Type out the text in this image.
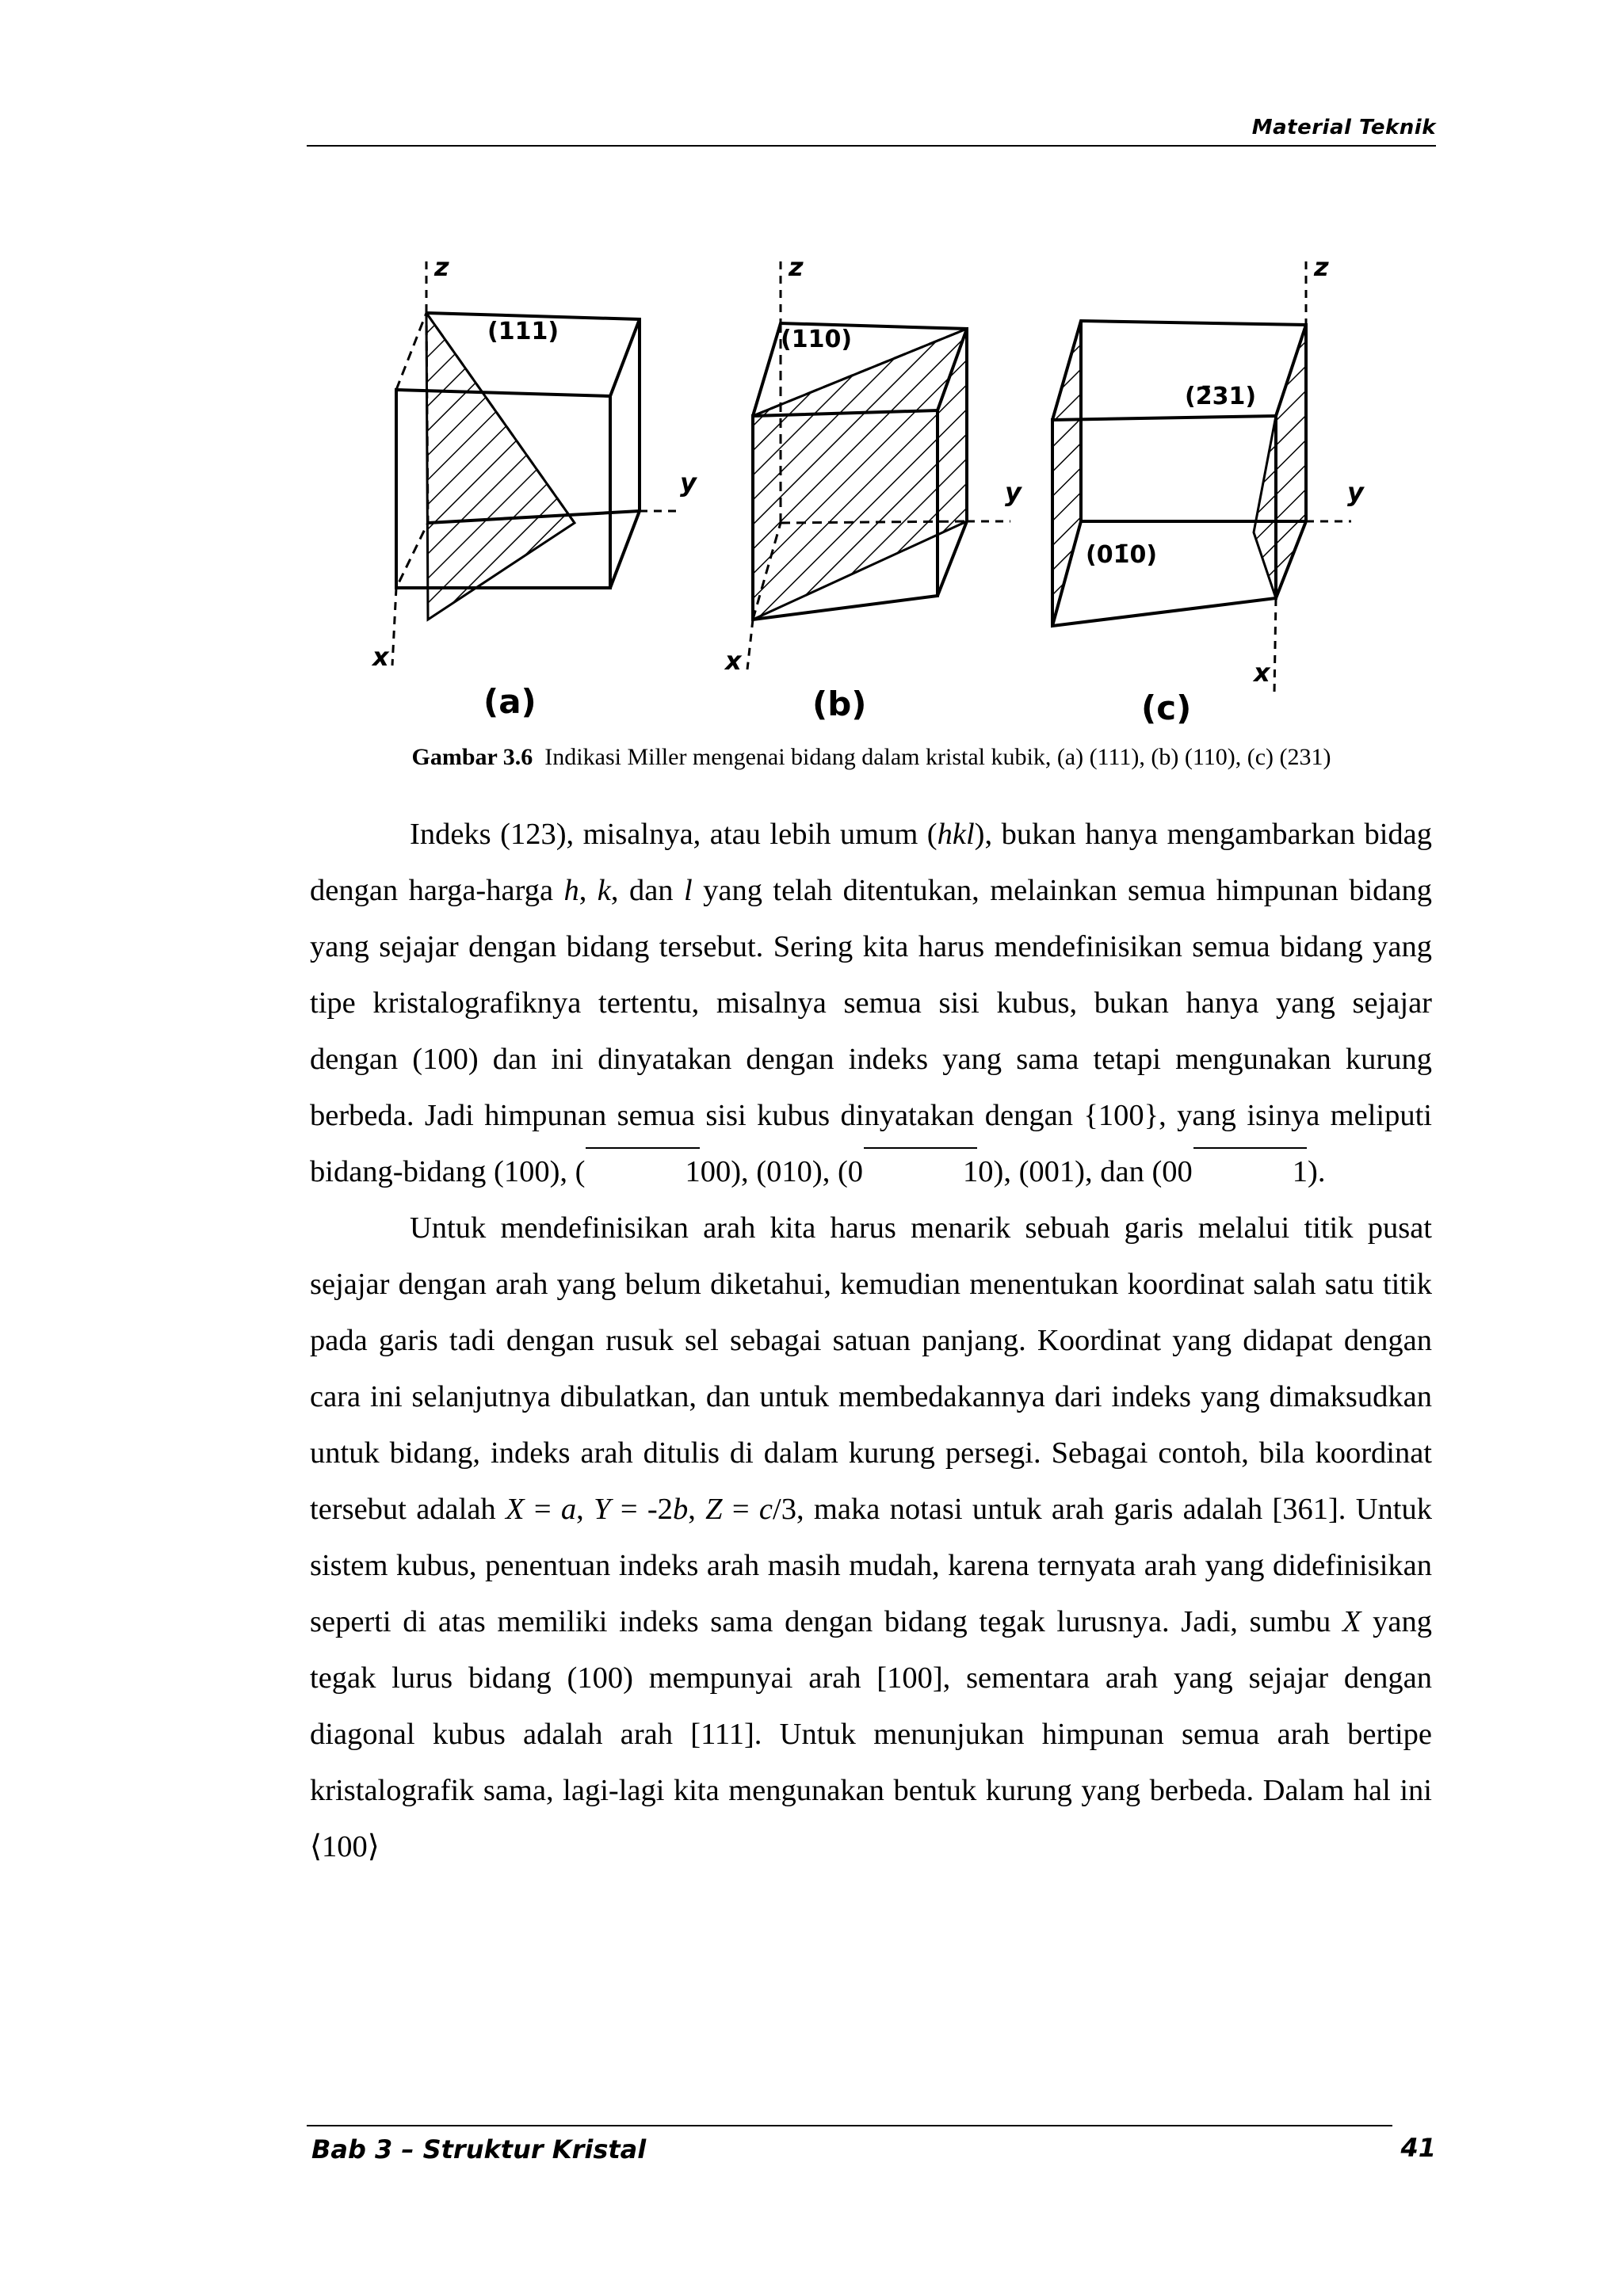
Material Teknik
z
y
x
(111)
(a)
z
y
x
(110)
(b)
z
y
x
(2̄31)
(01̄0)
(c)
Gambar 3.6 Indikasi Miller mengenai bidang dalam kristal kubik, (a) (111), (b) (110), (c) (231)

Indeks (123), misalnya, atau lebih umum (hkl), bukan hanya mengambarkan bidag dengan harga-harga h, k, dan l yang telah ditentukan, melainkan semua himpunan bidang yang sejajar dengan bidang tersebut. Sering kita harus mendefinisikan semua bidang yang tipe kristalografiknya tertentu, misalnya semua sisi kubus, bukan hanya yang sejajar dengan (100) dan ini dinyatakan dengan indeks yang sama tetapi mengunakan kurung berbeda. Jadi himpunan semua sisi kubus dinyatakan dengan {100}, yang isinya meliputi bidang-bidang (100), (	100), (010), (0	10), (001), dan (00	1).

Untuk mendefinisikan arah kita harus menarik sebuah garis melalui titik pusat sejajar dengan arah yang belum diketahui, kemudian menentukan koordinat salah satu titik pada garis tadi dengan rusuk sel sebagai satuan panjang. Koordinat yang didapat dengan cara ini selanjutnya dibulatkan, dan untuk membedakannya dari indeks yang dimaksudkan untuk bidang, indeks arah ditulis di dalam kurung persegi. Sebagai contoh, bila koordinat tersebut adalah X = a, Y = -2b, Z = c/3, maka notasi untuk arah garis adalah [361]. Untuk sistem kubus, penentuan indeks arah masih mudah, karena ternyata arah yang didefinisikan seperti di atas memiliki indeks sama dengan bidang tegak lurusnya. Jadi, sumbu X yang tegak lurus bidang (100) mempunyai arah [100], sementara arah yang sejajar dengan diagonal kubus adalah arah [111]. Untuk menunjukan himpunan semua arah bertipe kristalografik sama, lagi-lagi kita mengunakan bentuk kurung yang berbeda. Dalam hal ini ⟨100⟩

Bab 3 – Struktur Kristal	41
